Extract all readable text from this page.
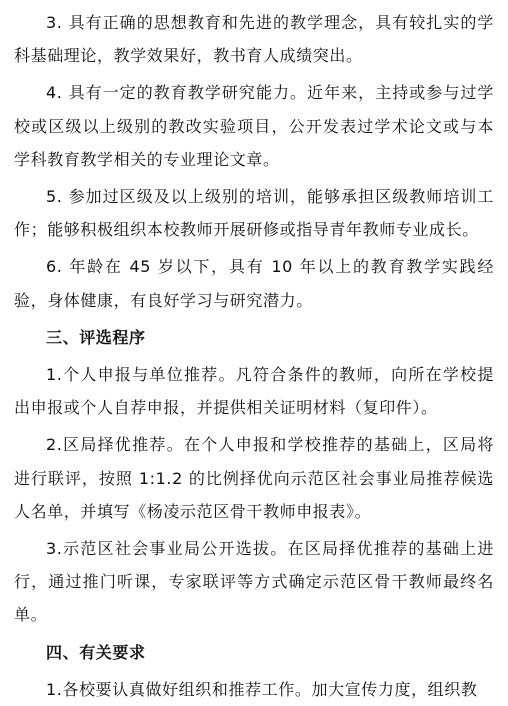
3. 具有正确的思想教育和先进的教学理念，具有较扎实的学科基础理论，教学效果好，教书育人成绩突出。

4. 具有一定的教育教学研究能力。近年来，主持或参与过学校或区级以上级别的教改实验项目，公开发表过学术论文或与本学科教育教学相关的专业理论文章。

5. 参加过区级及以上级别的培训，能够承担区级教师培训工作；能够积极组织本校教师开展研修或指导青年教师专业成长。

6. 年龄在 45 岁以下，具有 10 年以上的教育教学实践经验，身体健康，有良好学习与研究潜力。

三、评选程序

1.个人申报与单位推荐。凡符合条件的教师，向所在学校提出申报或个人自荐申报，并提供相关证明材料（复印件）。

2.区局择优推荐。在个人申报和学校推荐的基础上，区局将进行联评，按照 1:1.2 的比例择优向示范区社会事业局推荐候选人名单，并填写《杨凌示范区骨干教师申报表》。

3.示范区社会事业局公开选拔。在区局择优推荐的基础上进行，通过推门听课，专家联评等方式确定示范区骨干教师最终名单。

四、有关要求

1.各校要认真做好组织和推荐工作。加大宣传力度，组织教
